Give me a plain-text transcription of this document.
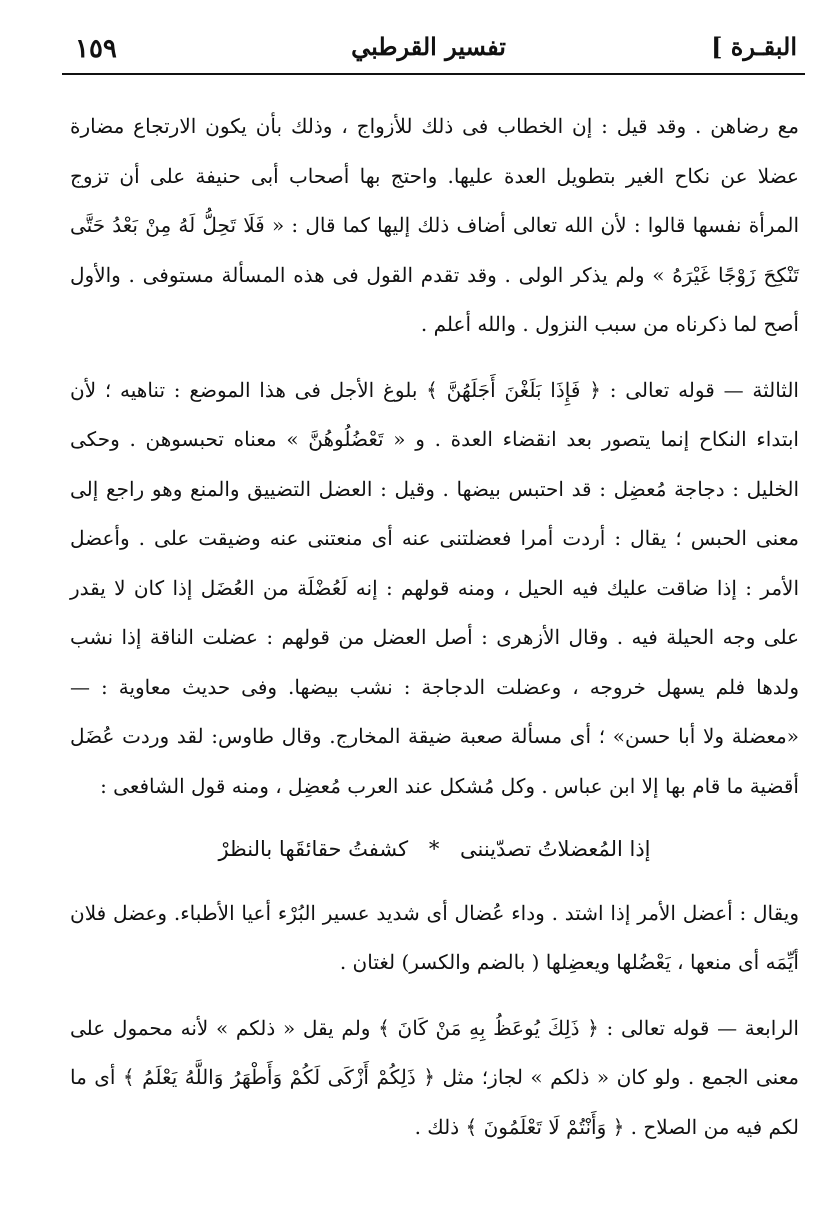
١٥٩	تفسير القرطبي	البقـرة ]

مع رضاهن . وقد قيل : إن الخطاب فى ذلك للأزواج ، وذلك بأن يكون الارتجاع مضارة عضلا عن نكاح الغير بتطويل العدة عليها. واحتج بها أصحاب أبى حنيفة على أن تزوج المرأة نفسها قالوا : لأن الله تعالى أضاف ذلك إليها كما قال : « فَلَا تَحِلُّ لَهُ مِنْ بَعْدُ حَتَّى تَنْكِحَ زَوْجًا غَيْرَهُ » ولم يذكر الولى . وقد تقدم القول فى هذه المسألة مستوفى . والأول أصح لما ذكرناه من سبب النزول . والله أعلم .

الثالثة — قوله تعالى : ﴿ فَإِذَا بَلَغْنَ أَجَلَهُنَّ ﴾ بلوغ الأجل فى هذا الموضع : تناهيه ؛ لأن ابتداء النكاح إنما يتصور بعد انقضاء العدة . و « تَعْضُلُوهُنَّ » معناه تحبسوهن . وحكى الخليل : دجاجة مُعضِل : قد احتبس بيضها . وقيل : العضل التضييق والمنع وهو راجع إلى معنى الحبس ؛ يقال : أردت أمرا فعضلتنى عنه أى منعتنى عنه وضيقت على . وأعضل الأمر : إذا ضاقت عليك فيه الحيل ، ومنه قولهم : إنه لَعُضْلَة من العُضَل إذا كان لا يقدر على وجه الحيلة فيه . وقال الأزهرى : أصل العضل من قولهم : عضلت الناقة إذا نشب ولدها فلم يسهل خروجه ، وعضلت الدجاجة : نشب بيضها. وفى حديث معاوية : — «معضلة ولا أبا حسن» ؛ أى مسألة صعبة ضيقة المخارج. وقال طاوس: لقد وردت عُضَل أقضية ما قام بها إلا ابن عباس . وكل مُشكل عند العرب مُعضِل ، ومنه قول الشافعى :

إذا المُعضلاتُ تصدّيننى * كشفتُ حقائقَها بالنظرْ

ويقال : أعضل الأمر إذا اشتد . وداء عُضال أى شديد عسير البُرْء أعيا الأطباء. وعضل فلان أيِّمَه أى منعها ، يَعْضُلها ويعضِلها ( بالضم والكسر) لغتان .

الرابعة — قوله تعالى : ﴿ ذَلِكَ يُوعَظُ بِهِ مَنْ كَانَ ﴾ ولم يقل « ذلكم » لأنه محمول على معنى الجمع . ولو كان « ذلكم » لجاز؛ مثل ﴿ ذَلِكُمْ أَزْكَى لَكُمْ وَأَطْهَرُ وَاللَّهُ يَعْلَمُ ﴾ أى ما لكم فيه من الصلاح . ﴿ وَأَنْتُمْ لَا تَعْلَمُونَ ﴾ ذلك .
